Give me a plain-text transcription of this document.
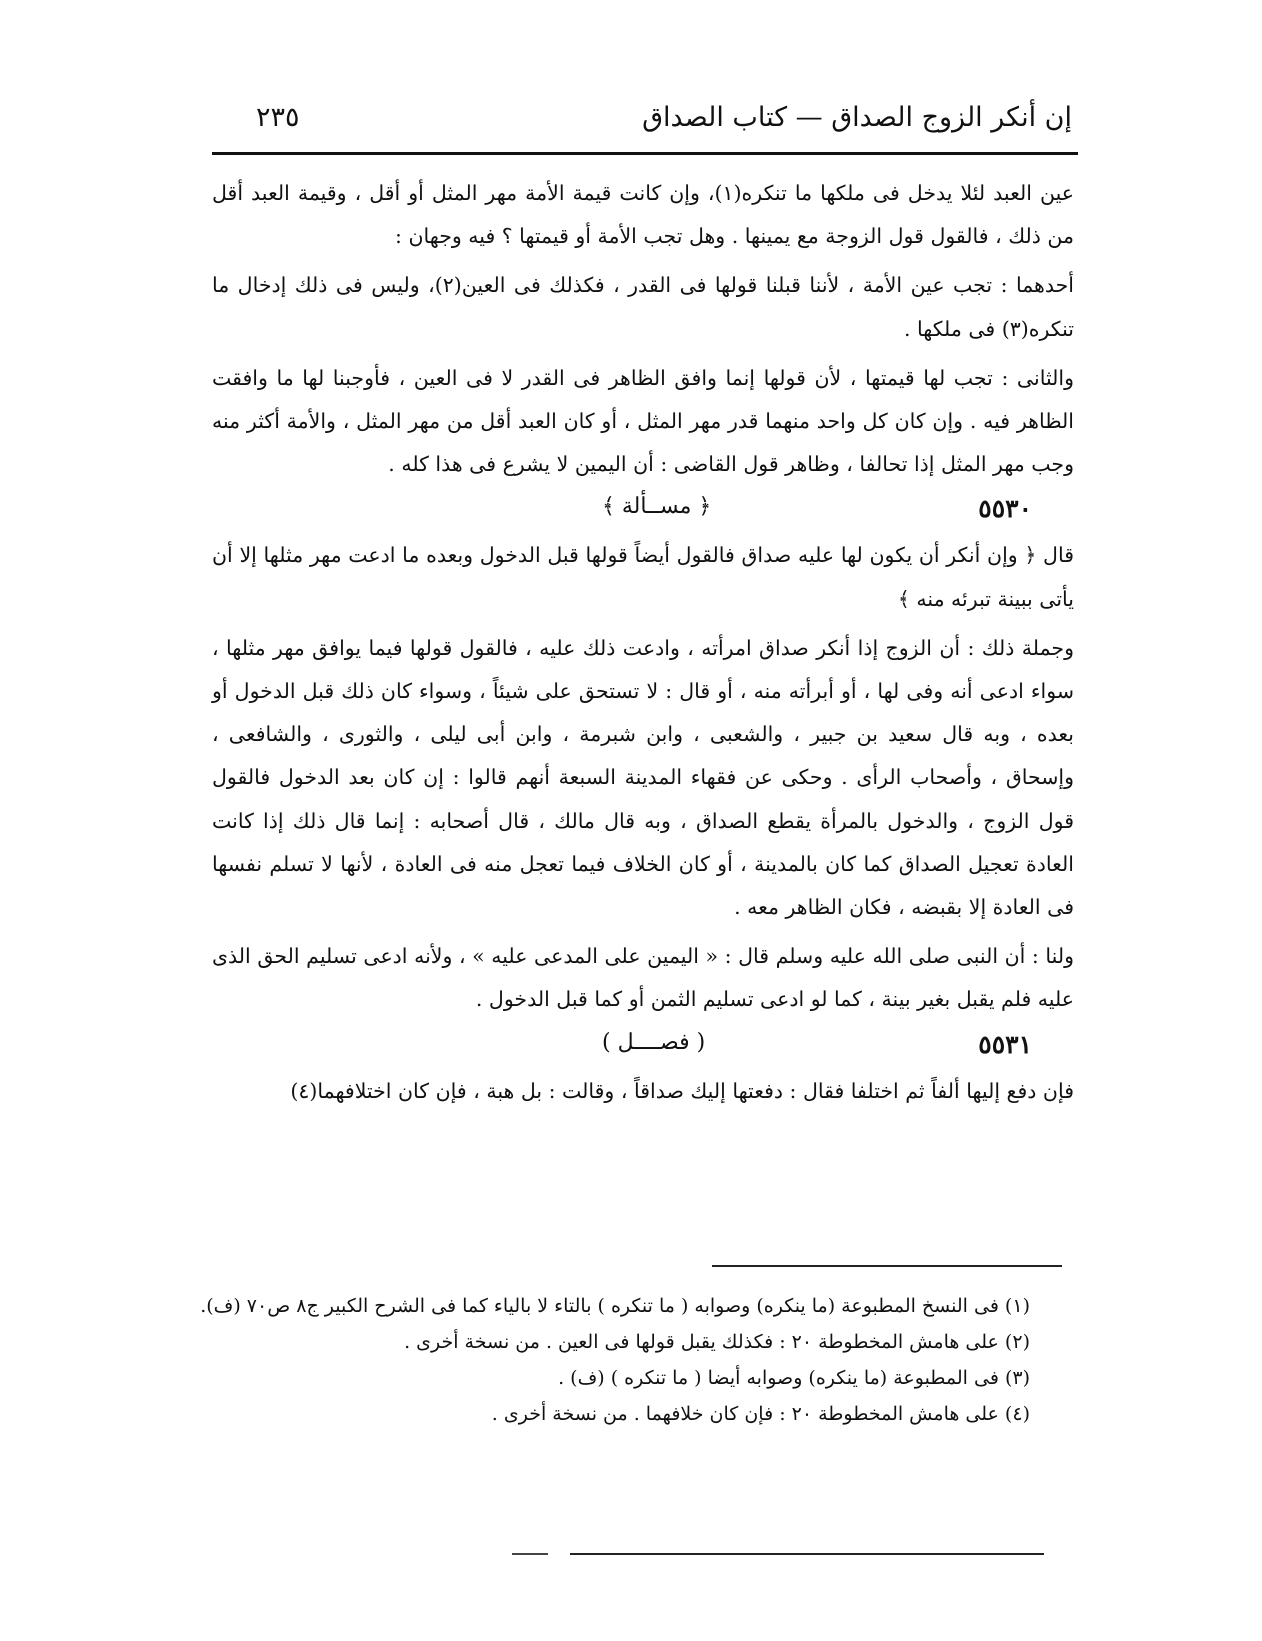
إن أنكر الزوج الصداق — كتاب الصداق
٢٣٥

عين العبد لئلا يدخل فى ملكها ما تنكره(١)، وإن كانت قيمة الأمة مهر المثل أو أقل ، وقيمة العبد أقل من ذلك ، فالقول قول الزوجة مع يمينها . وهل تجب الأمة أو قيمتها ؟ فيه وجهان :

أحدهما : تجب عين الأمة ، لأننا قبلنا قولها فى القدر ، فكذلك فى العين(٢)، وليس فى ذلك إدخال ما تنكره(٣) فى ملكها .

والثانى : تجب لها قيمتها ، لأن قولها إنما وافق الظاهر فى القدر لا فى العين ، فأوجبنا لها ما وافقت الظاهر فيه . وإن كان كل واحد منهما قدر مهر المثل ، أو كان العبد أقل من مهر المثل ، والأمة أكثر منه وجب مهر المثل إذا تحالفا ، وظاهر قول القاضى : أن اليمين لا يشرع فى هذا كله .

٥٥٣٠
﴿ مســألة ﴾

قال ﴿ وإن أنكر أن يكون لها عليه صداق فالقول أيضاً قولها قبل الدخول وبعده ما ادعت مهر مثلها إلا أن يأتى ببينة تبرئه منه ﴾

وجملة ذلك : أن الزوج إذا أنكر صداق امرأته ، وادعت ذلك عليه ، فالقول قولها فيما يوافق مهر مثلها ، سواء ادعى أنه وفى لها ، أو أبرأته منه ، أو قال : لا تستحق على شيئاً ، وسواء كان ذلك قبل الدخول أو بعده ، وبه قال سعيد بن جبير ، والشعبى ، وابن شبرمة ، وابن أبى ليلى ، والثورى ، والشافعى ، وإسحاق ، وأصحاب الرأى . وحكى عن فقهاء المدينة السبعة أنهم قالوا : إن كان بعد الدخول فالقول قول الزوج ، والدخول بالمرأة يقطع الصداق ، وبه قال مالك ، قال أصحابه : إنما قال ذلك إذا كانت العادة تعجيل الصداق كما كان بالمدينة ، أو كان الخلاف فيما تعجل منه فى العادة ، لأنها لا تسلم نفسها فى العادة إلا بقبضه ، فكان الظاهر معه .

ولنا : أن النبى صلى الله عليه وسلم قال : « اليمين على المدعى عليه » ، ولأنه ادعى تسليم الحق الذى عليه فلم يقبل بغير بينة ، كما لو ادعى تسليم الثمن أو كما قبل الدخول .

٥٥٣١
( فصــــل )

فإن دفع إليها ألفاً ثم اختلفا فقال : دفعتها إليك صداقاً ، وقالت : بل هبة ، فإن كان اختلافهما(٤)

(١) فى النسخ المطبوعة (ما ينكره) وصوابه ( ما تنكره ) بالتاء لا بالياء كما فى الشرح الكبير ج٨ ص٧٠ (ف).

(٢) على هامش المخطوطة ٢٠ : فكذلك يقبل قولها فى العين . من نسخة أخرى .

(٣) فى المطبوعة (ما ينكره) وصوابه أيضا ( ما تنكره ) (ف) .

(٤) على هامش المخطوطة ٢٠ : فإن كان خلافهما . من نسخة أخرى .
